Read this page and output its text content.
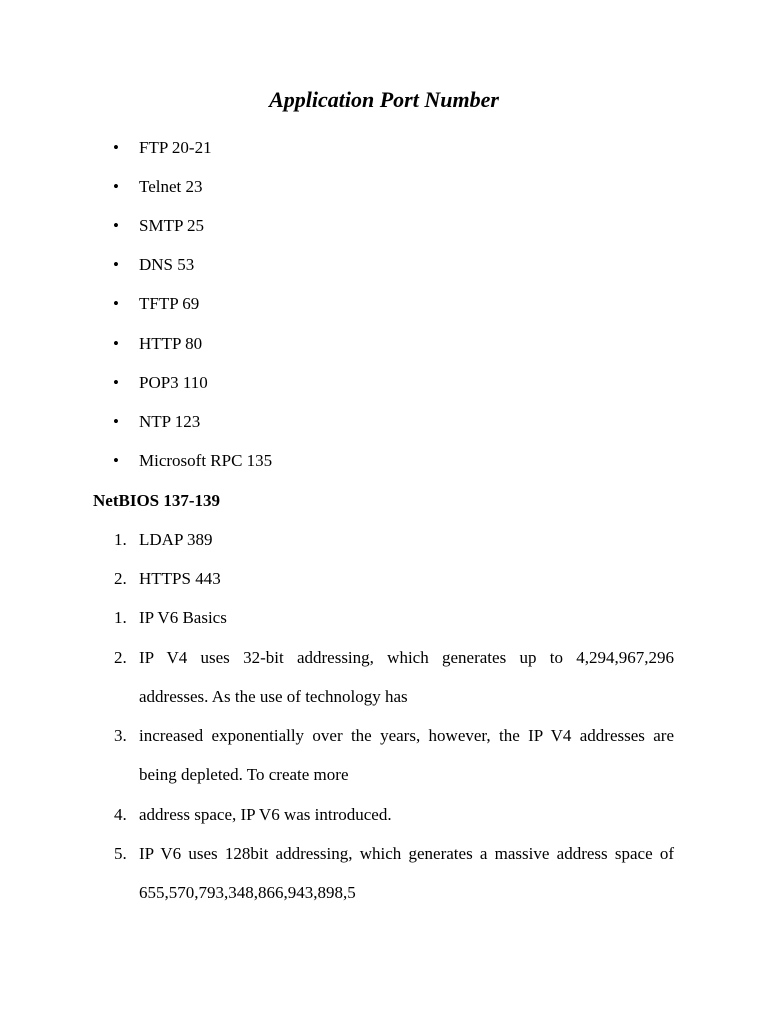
Application Port Number
• FTP 20-21
• Telnet 23
• SMTP 25
• DNS 53
• TFTP 69
• HTTP 80
• POP3 110
• NTP 123
• Microsoft RPC 135
NetBIOS 137-139
1. LDAP 389
2. HTTPS 443
1. IP V6 Basics
2. IP V4 uses 32-bit addressing, which generates up to 4,294,967,296
addresses. As the use of technology has
3. increased exponentially over the years, however, the IP V4 addresses are
being depleted. To create more
4. address space, IP V6 was introduced.
5. IP V6 uses 128bit addressing, which generates a massive address space of
655,570,793,348,866,943,898,5
